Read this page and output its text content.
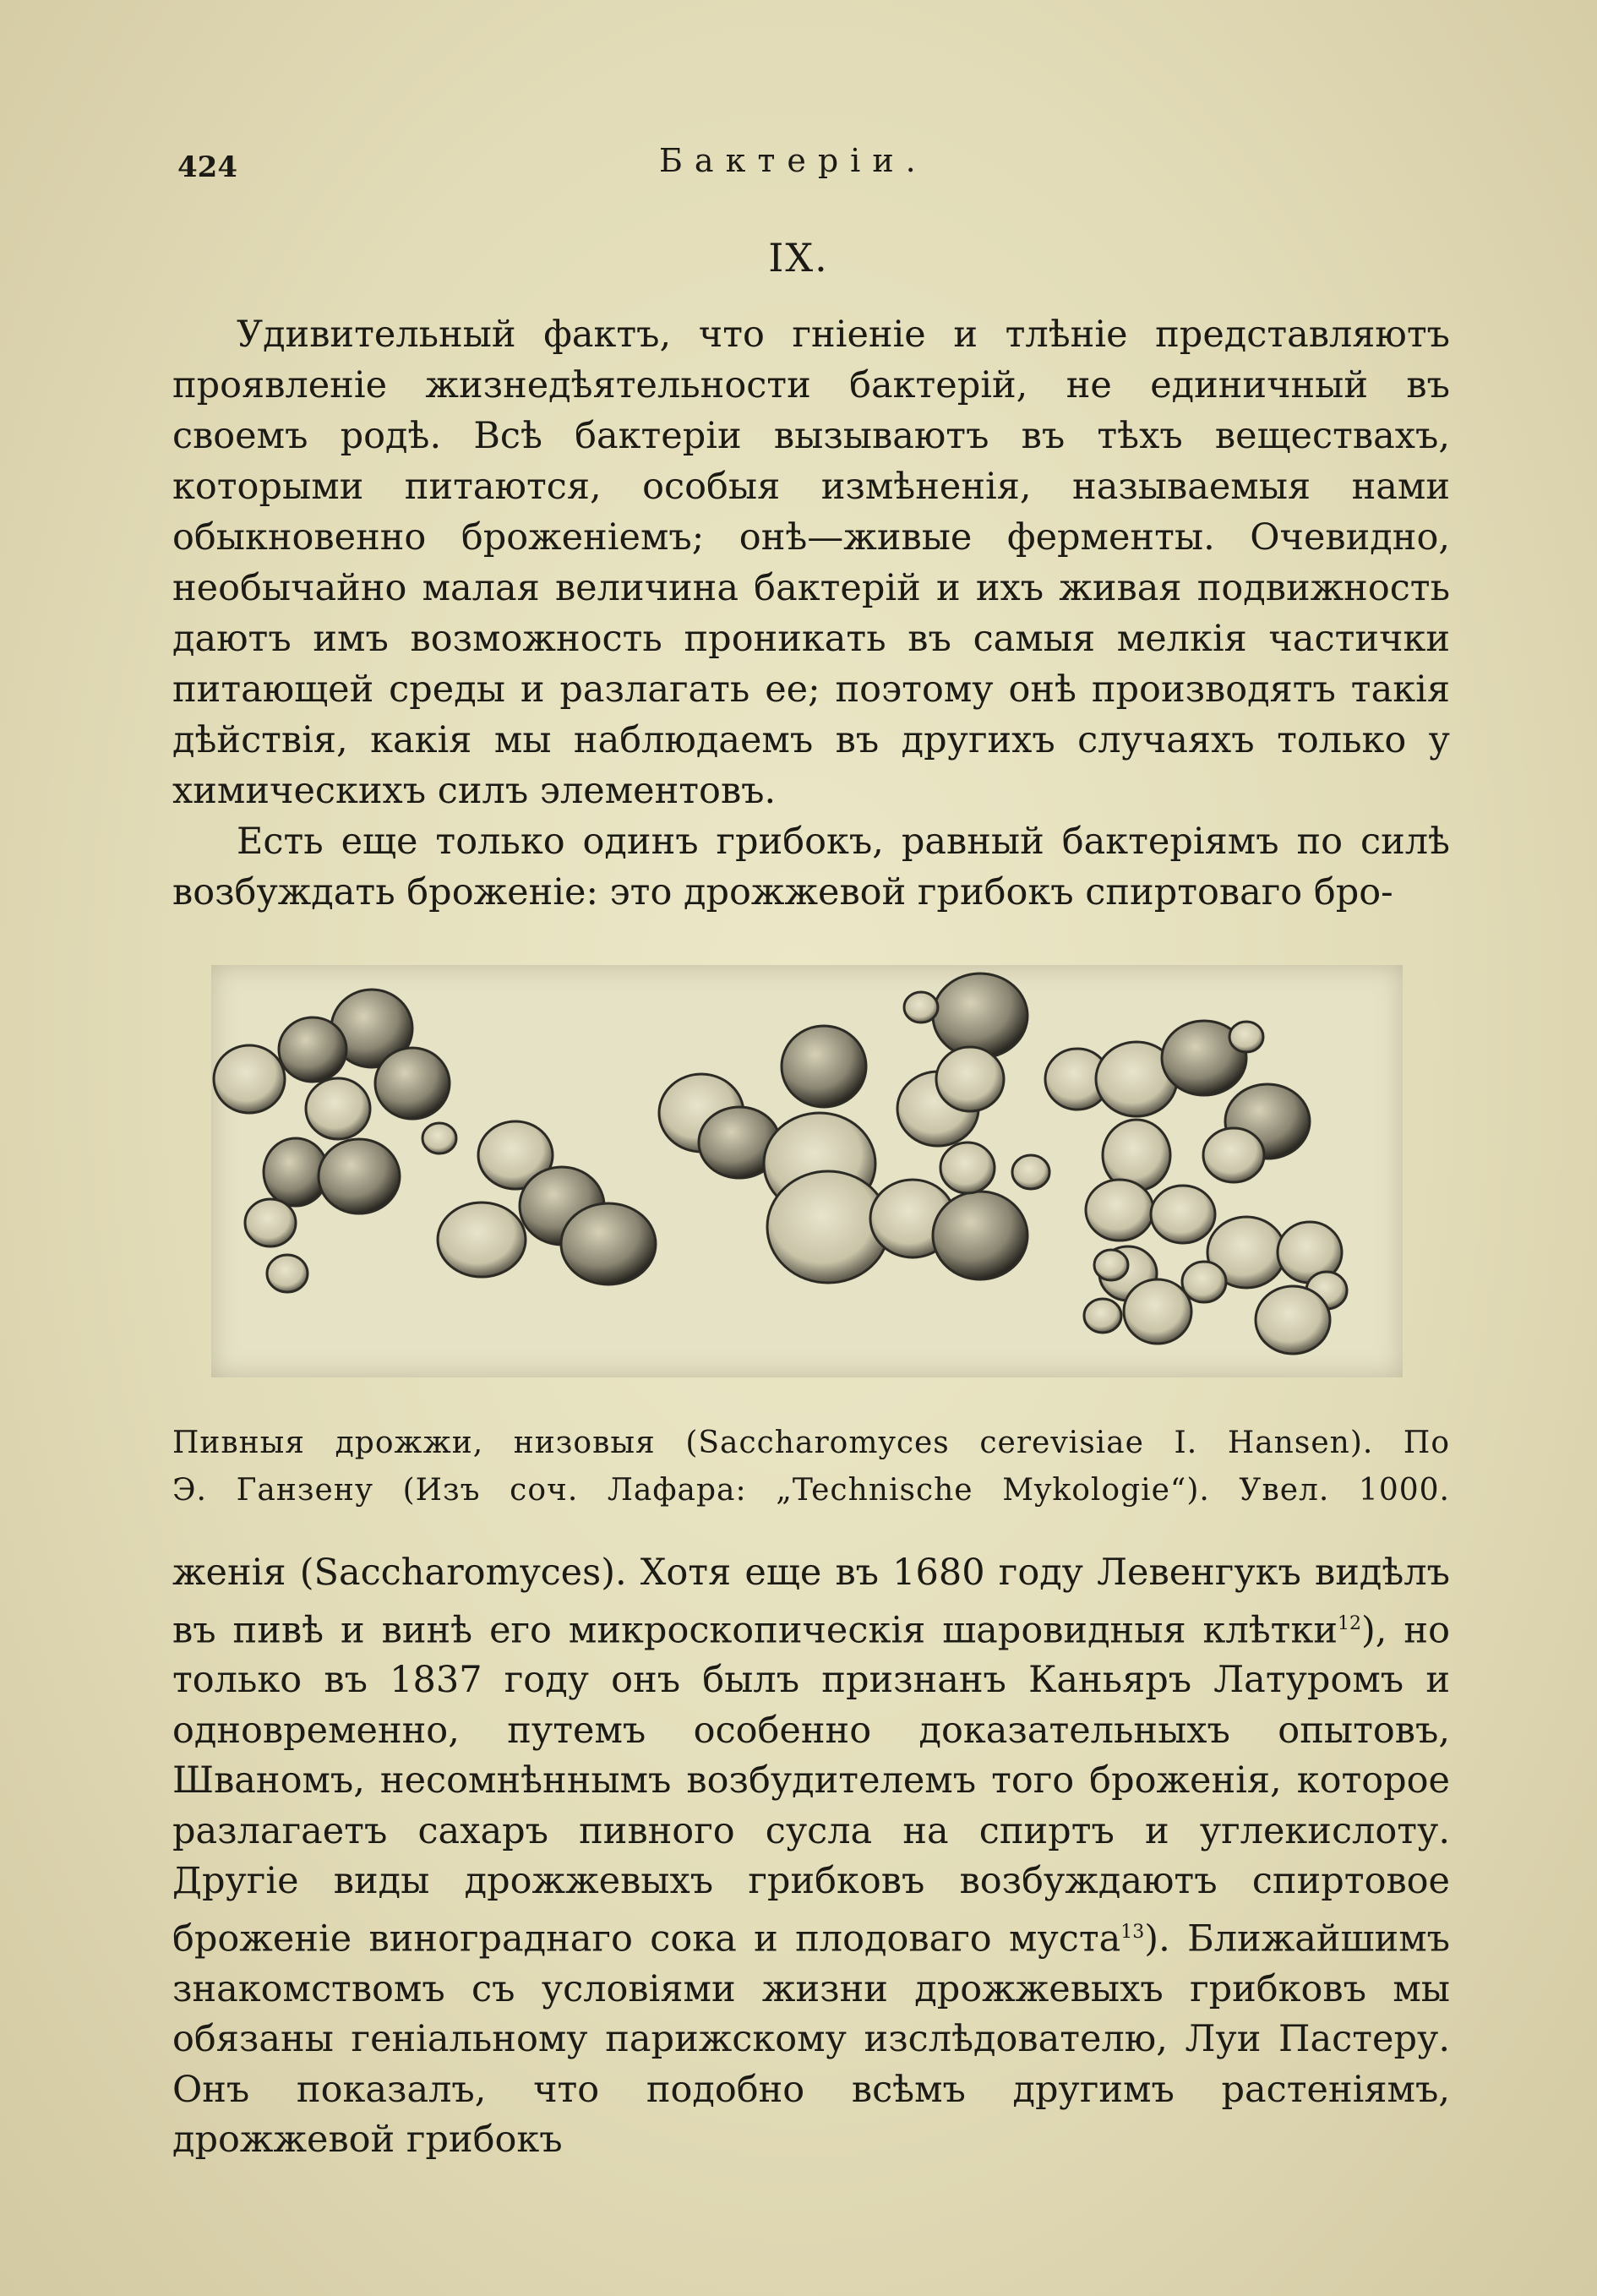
424	Бактеріи.
IX.

Удивительный фактъ, что гніеніе и тлѣніе представляютъ проявленіе жизнедѣятельности бактерій, не единичный въ своемъ родѣ. Всѣ бактеріи вызываютъ въ тѣхъ веществахъ, которыми питаются, особыя измѣненія, называемыя нами обыкновенно броженіемъ; онѣ—живые ферменты. Очевидно, необычайно малая величина бактерій и ихъ живая подвижность даютъ имъ возможность проникать въ самыя мелкія частички питающей среды и разлагать ее; поэтому онѣ производятъ такія дѣйствія, какія мы наблюдаемъ въ другихъ случаяхъ только у химическихъ силъ элементовъ.

Есть еще только одинъ грибокъ, равный бактеріямъ по силѣ возбуждать броженіе: это дрожжевой грибокъ спиртоваго бро-

Пивныя дрожжи, низовыя (Saccharomyces cerevisiae I. Hansen). По
Э. Ганзену (Изъ соч. Лафара: „Technische Mykologie“). Увел. 1000.

женія (Saccharomyces). Хотя еще въ 1680 году Левенгукъ видѣлъ въ пивѣ и винѣ его микроскопическія шаровидныя клѣтки$^{12}$), но только въ 1837 году онъ былъ признанъ Каньяръ Латуромъ и одновременно, путемъ особенно доказательныхъ опытовъ, Шваномъ, несомнѣннымъ возбудителемъ того броженія, которое разлагаетъ сахаръ пивного сусла на спиртъ и углекислоту. Другіе виды дрожжевыхъ грибковъ возбуждаютъ спиртовое броженіе винограднаго сока и плодоваго муста$^{13}$). Ближайшимъ знакомствомъ съ условіями жизни дрожжевыхъ грибковъ мы обязаны геніальному парижскому изслѣдователю, Луи Пастеру. Онъ показалъ, что подобно всѣмъ другимъ растеніямъ, дрожжевой грибокъ
